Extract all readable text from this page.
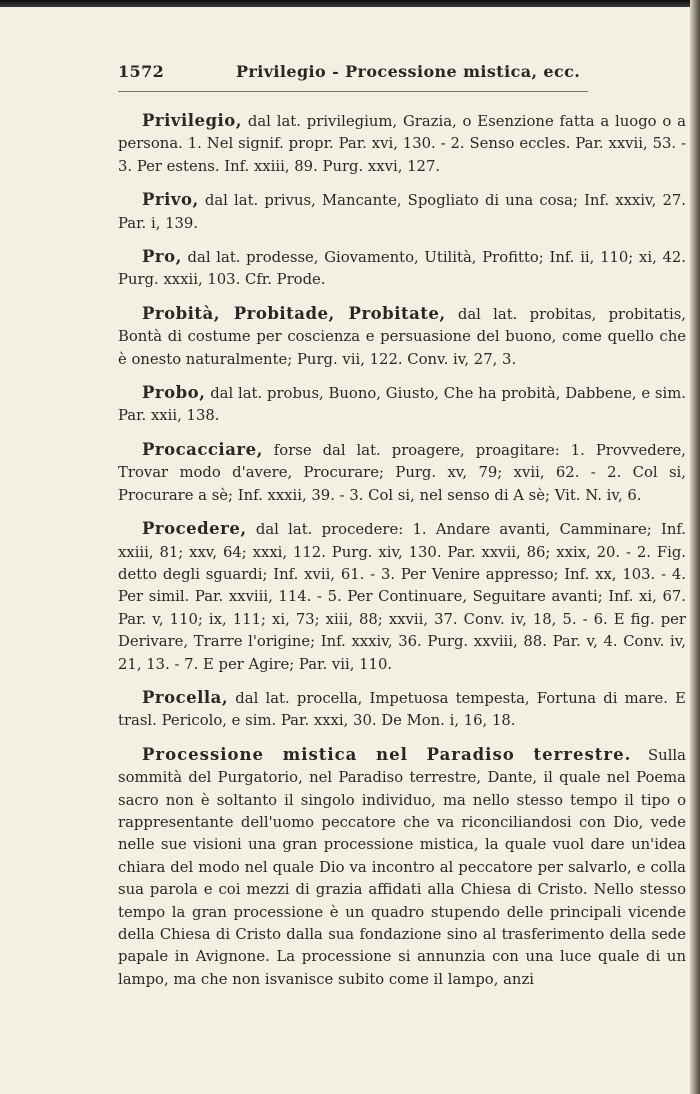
1572	Privilegio - Processione mistica, ecc.

Privilegio, dal lat. privilegium, Grazia, o Esenzione fatta a luogo o a persona. 1. Nel signif. propr. Par. xvi, 130. - 2. Senso eccles. Par. xxvii, 53. - 3. Per estens. Inf. xxiii, 89. Purg. xxvi, 127.

Privo, dal lat. privus, Mancante, Spogliato di una cosa; Inf. xxxiv, 27. Par. i, 139.

Pro, dal lat. prodesse, Giovamento, Utilità, Profitto; Inf. ii, 110; xi, 42. Purg. xxxii, 103. Cfr. Prode.

Probità, Probitade, Probitate, dal lat. probitas, probitatis, Bontà di costume per coscienza e persuasione del buono, come quello che è onesto naturalmente; Purg. vii, 122. Conv. iv, 27, 3.

Probo, dal lat. probus, Buono, Giusto, Che ha probità, Dabbene, e sim. Par. xxii, 138.

Procacciare, forse dal lat. proagere, proagitare: 1. Provvedere, Trovar modo d'avere, Procurare; Purg. xv, 79; xvii, 62. - 2. Col si, Procurare a sè; Inf. xxxii, 39. - 3. Col si, nel senso di A sè; Vit. N. iv, 6.

Procedere, dal lat. procedere: 1. Andare avanti, Camminare; Inf. xxiii, 81; xxv, 64; xxxi, 112. Purg. xiv, 130. Par. xxvii, 86; xxix, 20. - 2. Fig. detto degli sguardi; Inf. xvii, 61. - 3. Per Venire appresso; Inf. xx, 103. - 4. Per simil. Par. xxviii, 114. - 5. Per Continuare, Seguitare avanti; Inf. xi, 67. Par. v, 110; ix, 111; xi, 73; xiii, 88; xxvii, 37. Conv. iv, 18, 5. - 6. E fig. per Derivare, Trarre l'origine; Inf. xxxiv, 36. Purg. xxviii, 88. Par. v, 4. Conv. iv, 21, 13. - 7. E per Agire; Par. vii, 110.

Procella, dal lat. procella, Impetuosa tempesta, Fortuna di mare. E trasl. Pericolo, e sim. Par. xxxi, 30. De Mon. i, 16, 18.

Processione mistica nel Paradiso terrestre. Sulla sommità del Purgatorio, nel Paradiso terrestre, Dante, il quale nel Poema sacro non è soltanto il singolo individuo, ma nello stesso tempo il tipo o rappresentante dell'uomo peccatore che va riconciliandosi con Dio, vede nelle sue visioni una gran processione mistica, la quale vuol dare un'idea chiara del modo nel quale Dio va incontro al peccatore per salvarlo, e colla sua parola e coi mezzi di grazia affidati alla Chiesa di Cristo. Nello stesso tempo la gran processione è un quadro stupendo delle principali vicende della Chiesa di Cristo dalla sua fondazione sino al trasferimento della sede papale in Avignone. La processione si annunzia con una luce quale di un lampo, ma che non isvanisce subito come il lampo, anzi
